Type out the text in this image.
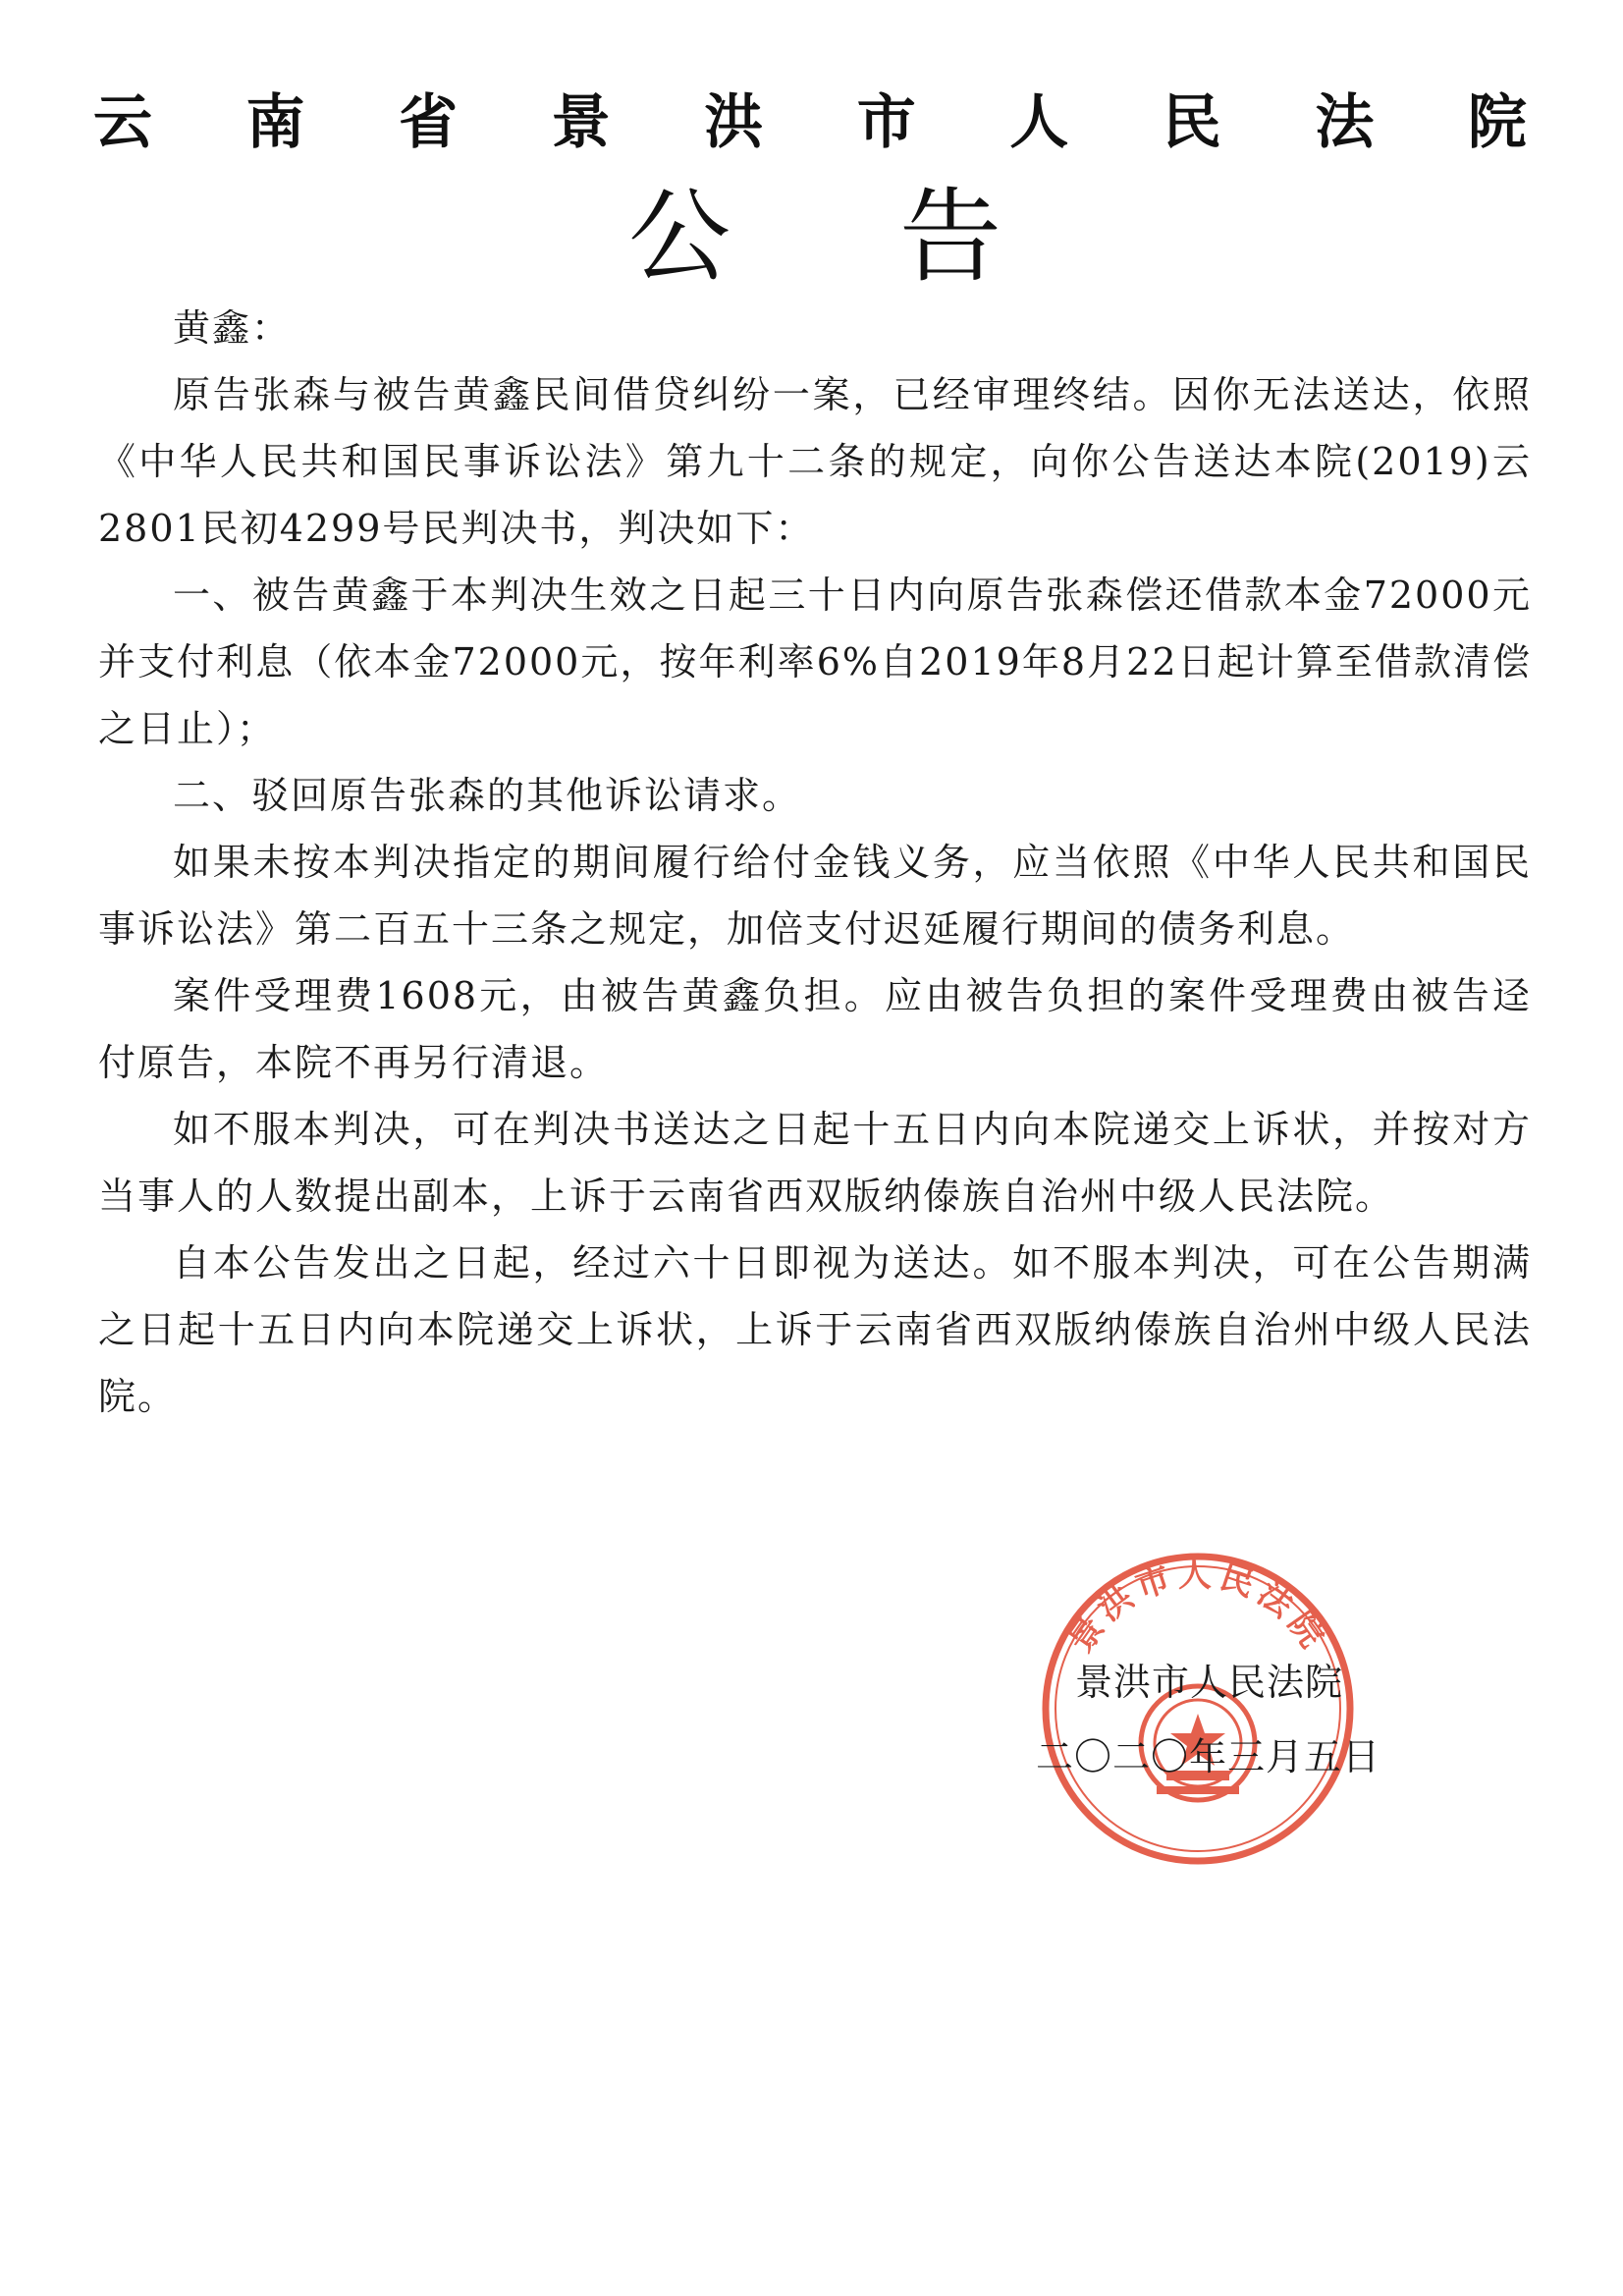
云 南 省 景 洪 市 人 民 法 院
公 告

黄鑫：

原告张森与被告黄鑫民间借贷纠纷一案，已经审理终结。因你无法送达，依照《中华人民共和国民事诉讼法》第九十二条的规定，向你公告送达本院(2019)云2801民初4299号民判决书，判决如下：

一、被告黄鑫于本判决生效之日起三十日内向原告张森偿还借款本金72000元并支付利息（依本金72000元，按年利率6%自2019年8月22日起计算至借款清偿之日止）；

二、驳回原告张森的其他诉讼请求。

如果未按本判决指定的期间履行给付金钱义务，应当依照《中华人民共和国民事诉讼法》第二百五十三条之规定，加倍支付迟延履行期间的债务利息。

案件受理费1608元，由被告黄鑫负担。应由被告负担的案件受理费由被告迳付原告，本院不再另行清退。

如不服本判决，可在判决书送达之日起十五日内向本院递交上诉状，并按对方当事人的人数提出副本，上诉于云南省西双版纳傣族自治州中级人民法院。

自本公告发出之日起，经过六十日即视为送达。如不服本判决，可在公告期满之日起十五日内向本院递交上诉状，上诉于云南省西双版纳傣族自治州中级人民法院。

景洪市人民法院
景洪市人民法院
二〇二〇年三月五日
